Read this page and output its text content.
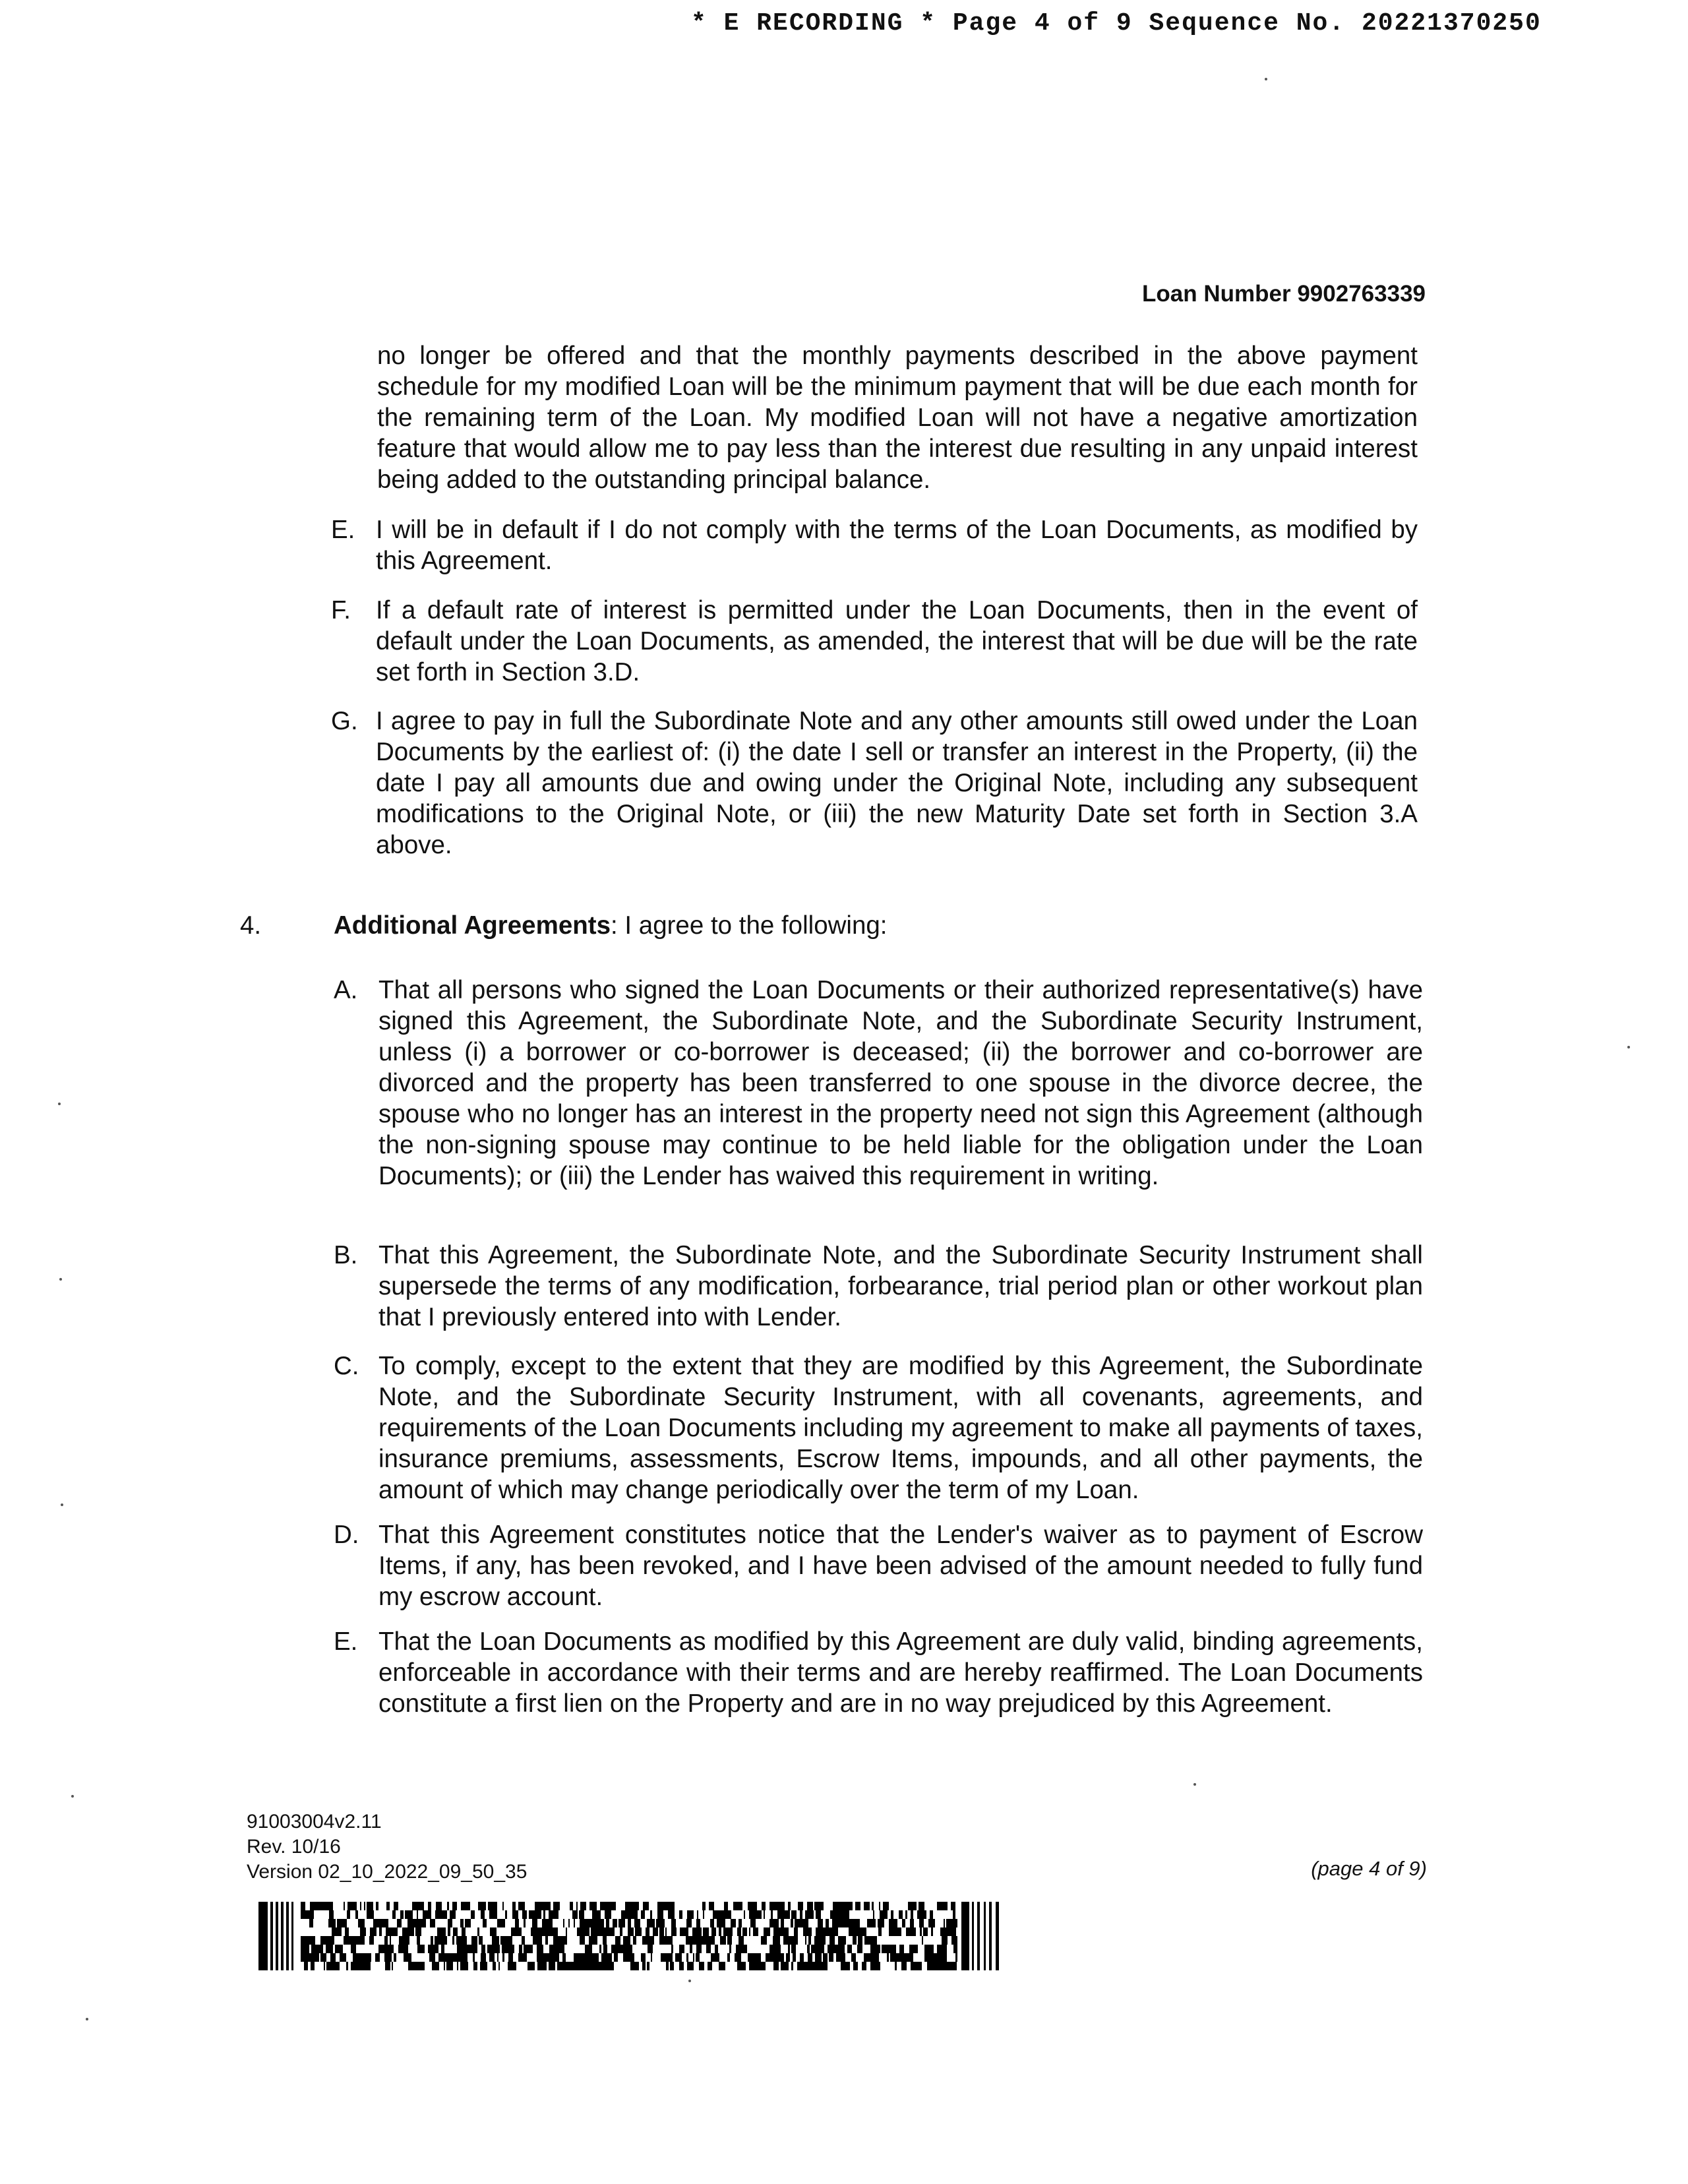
* E RECORDING * Page 4 of 9 Sequence No. 20221370250
Loan Number 9902763339
no longer be offered and that the monthly payments described in the above payment schedule for my modified Loan will be the minimum payment that will be due each month for the remaining term of the Loan. My modified Loan will not have a negative amortization feature that would allow me to pay less than the interest due resulting in any unpaid interest being added to the outstanding principal balance.
E. I will be in default if I do not comply with the terms of the Loan Documents, as modified by this Agreement.
F. If a default rate of interest is permitted under the Loan Documents, then in the event of default under the Loan Documents, as amended, the interest that will be due will be the rate set forth in Section 3.D.
G. I agree to pay in full the Subordinate Note and any other amounts still owed under the Loan Documents by the earliest of: (i) the date I sell or transfer an interest in the Property, (ii) the date I pay all amounts due and owing under the Original Note, including any subsequent modifications to the Original Note, or (iii) the new Maturity Date set forth in Section 3.A above.
4.	Additional Agreements: I agree to the following:
A. That all persons who signed the Loan Documents or their authorized representative(s) have signed this Agreement, the Subordinate Note, and the Subordinate Security Instrument, unless (i) a borrower or co-borrower is deceased; (ii) the borrower and co-borrower are divorced and the property has been transferred to one spouse in the divorce decree, the spouse who no longer has an interest in the property need not sign this Agreement (although the non-signing spouse may continue to be held liable for the obligation under the Loan Documents); or (iii) the Lender has waived this requirement in writing.
B. That this Agreement, the Subordinate Note, and the Subordinate Security Instrument shall supersede the terms of any modification, forbearance, trial period plan or other workout plan that I previously entered into with Lender.
C. To comply, except to the extent that they are modified by this Agreement, the Subordinate Note, and the Subordinate Security Instrument, with all covenants, agreements, and requirements of the Loan Documents including my agreement to make all payments of taxes, insurance premiums, assessments, Escrow Items, impounds, and all other payments, the amount of which may change periodically over the term of my Loan.
D. That this Agreement constitutes notice that the Lender's waiver as to payment of Escrow Items, if any, has been revoked, and I have been advised of the amount needed to fully fund my escrow account.
E. That the Loan Documents as modified by this Agreement are duly valid, binding agreements, enforceable in accordance with their terms and are hereby reaffirmed. The Loan Documents constitute a first lien on the Property and are in no way prejudiced by this Agreement.
91003004v2.11
Rev. 10/16
Version 02_10_2022_09_50_35	(page 4 of 9)
